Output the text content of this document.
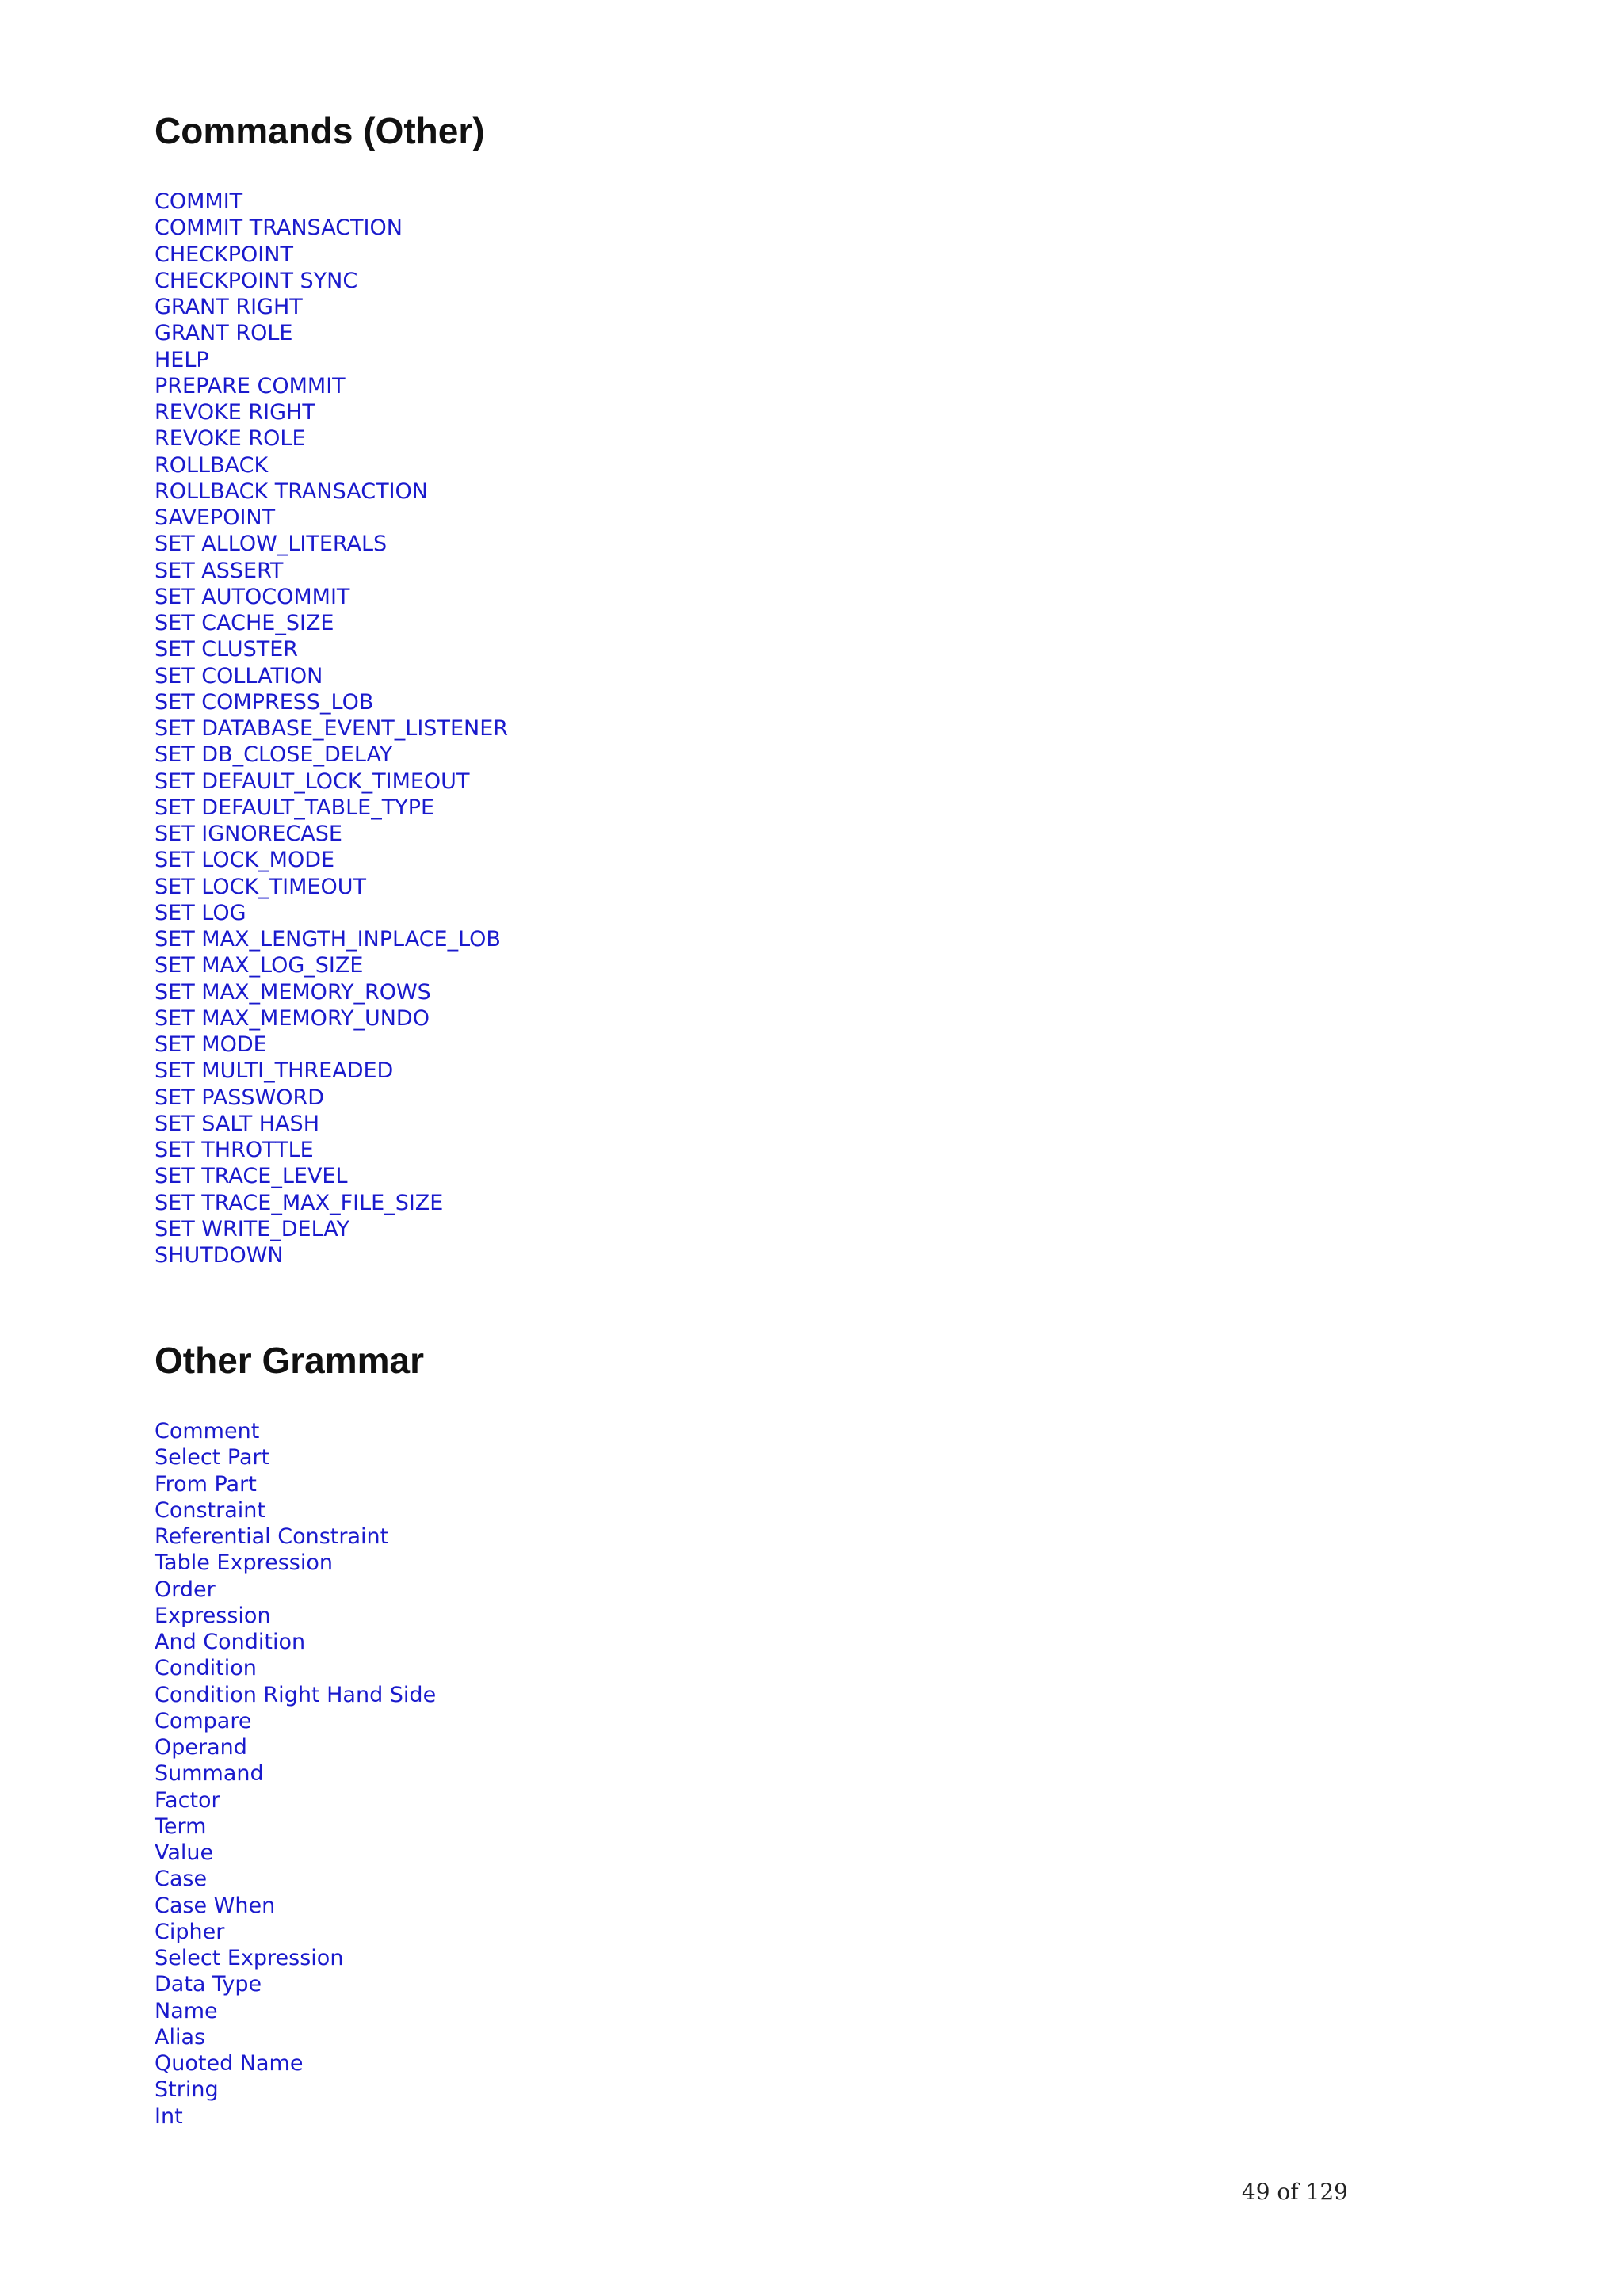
Commands (Other)
COMMIT
COMMIT TRANSACTION
CHECKPOINT
CHECKPOINT SYNC
GRANT RIGHT
GRANT ROLE
HELP
PREPARE COMMIT
REVOKE RIGHT
REVOKE ROLE
ROLLBACK
ROLLBACK TRANSACTION
SAVEPOINT
SET ALLOW_LITERALS
SET ASSERT
SET AUTOCOMMIT
SET CACHE_SIZE
SET CLUSTER
SET COLLATION
SET COMPRESS_LOB
SET DATABASE_EVENT_LISTENER
SET DB_CLOSE_DELAY
SET DEFAULT_LOCK_TIMEOUT
SET DEFAULT_TABLE_TYPE
SET IGNORECASE
SET LOCK_MODE
SET LOCK_TIMEOUT
SET LOG
SET MAX_LENGTH_INPLACE_LOB
SET MAX_LOG_SIZE
SET MAX_MEMORY_ROWS
SET MAX_MEMORY_UNDO
SET MODE
SET MULTI_THREADED
SET PASSWORD
SET SALT HASH
SET THROTTLE
SET TRACE_LEVEL
SET TRACE_MAX_FILE_SIZE
SET WRITE_DELAY
SHUTDOWN
Other Grammar
Comment
Select Part
From Part
Constraint
Referential Constraint
Table Expression
Order
Expression
And Condition
Condition
Condition Right Hand Side
Compare
Operand
Summand
Factor
Term
Value
Case
Case When
Cipher
Select Expression
Data Type
Name
Alias
Quoted Name
String
Int
49 of 129
